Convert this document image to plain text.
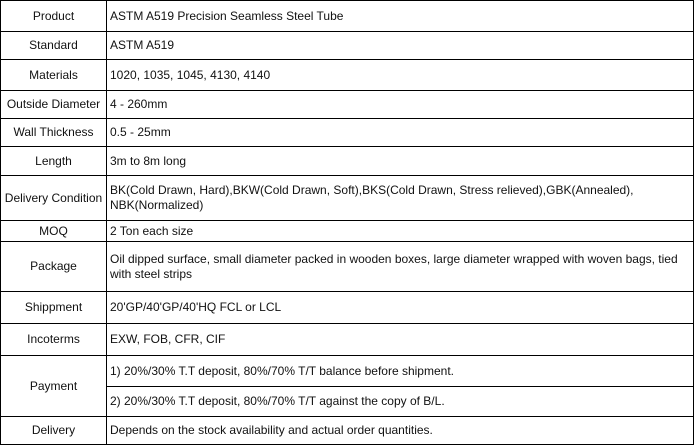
Product	ASTM A519 Precision Seamless Steel Tube
Standard	ASTM A519
Materials	1020, 1035, 1045, 4130, 4140
Outside Diameter	4 - 260mm
Wall Thickness	0.5 - 25mm
Length	3m to 8m long
Delivery Condition	BK(Cold Drawn, Hard),BKW(Cold Drawn, Soft),BKS(Cold Drawn, Stress relieved),GBK(Annealed), NBK(Normalized)
MOQ	2 Ton each size
Package	Oil dipped surface, small diameter packed in wooden boxes, large diameter wrapped with woven bags, tied with steel strips
Shippment	20'GP/40'GP/40'HQ FCL or LCL
Incoterms	EXW, FOB, CFR, CIF
Payment	1) 20%/30% T.T deposit, 80%/70% T/T balance before shipment.
	2) 20%/30% T.T deposit, 80%/70% T/T against the copy of B/L.
Delivery	Depends on the stock availability and actual order quantities.
